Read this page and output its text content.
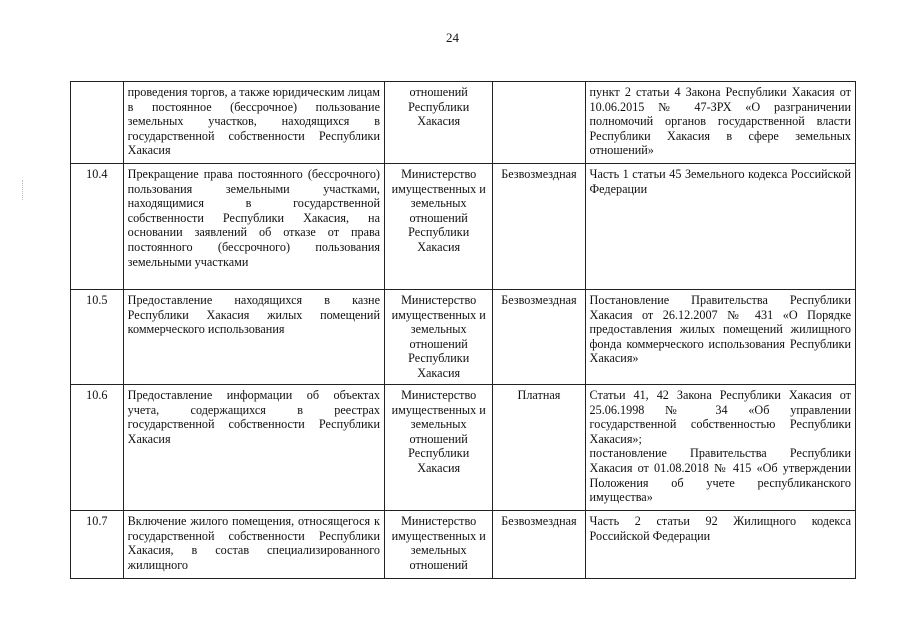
24
	проведения торгов, а также юридическим лицам в постоянное (бессрочное) пользование земельных участков, находящихся в государственной собственности Республики Хакасия	отношений Республики Хакасия		пункт 2 статьи 4 Закона Республики Хакасия от 10.06.2015 № 47-ЗРХ «О разграничении полномочий органов государственной власти Республики Хакасия в сфере земельных отношений»
10.4	Прекращение права постоянного (бессрочного) пользования земельными участками, находящимися в государственной собственности Республики Хакасия, на основании заявлений об отказе от права постоянного (бессрочного) пользования земельными участками	Министерство имущественных и земельных отношений Республики Хакасия	Безвозмездная	Часть 1 статьи 45 Земельного кодекса Российской Федерации
10.5	Предоставление находящихся в казне Республики Хакасия жилых помещений коммерческого использования	Министерство имущественных и земельных отношений Республики Хакасия	Безвозмездная	Постановление Правительства Республики Хакасия от 26.12.2007 № 431 «О Порядке предоставления жилых помещений жилищного фонда коммерческого использования Республики Хакасия»
10.6	Предоставление информации об объектах учета, содержащихся в реестрах государственной собственности Республики Хакасия	Министерство имущественных и земельных отношений Республики Хакасия	Платная	Статьи 41, 42 Закона Республики Хакасия от 25.06.1998 № 34 «Об управлении государственной собственностью Республики Хакасия»;
постановление Правительства Республики Хакасия от 01.08.2018 № 415 «Об утверждении Положения об учете республиканского имущества»

10.7	Включение жилого помещения, относящегося к государственной собственности Республики Хакасия, в состав специализированного жилищного	Министерство имущественных и земельных отношений	Безвозмездная	Часть 2 статьи 92 Жилищного кодекса Российской Федерации
